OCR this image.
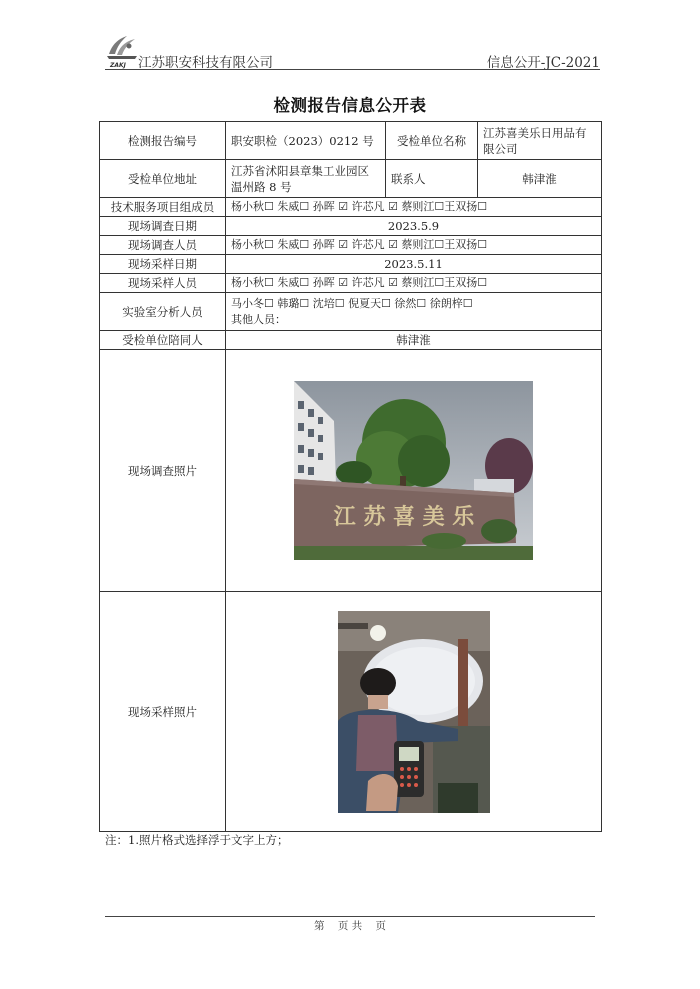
ZAKJ 江苏职安科技有限公司	信息公开-JC-2021
检测报告信息公开表
检测报告编号	职安职检（2023）0212 号	受检单位名称	江苏喜美乐日用品有限公司
受检单位地址	江苏省沭阳县章集工业园区温州路 8 号	联系人	韩津淮
技术服务项目组成员	杨小秋☐ 朱威☐ 孙晖 ☑ 许芯凡 ☑ 蔡则江☐王双扬☐		
现场调查日期	2023.5.9		
现场调查人员	杨小秋☐ 朱威☐ 孙晖 ☑ 许芯凡 ☑ 蔡则江☐王双扬☐		
现场采样日期	2023.5.11		
现场采样人员	杨小秋☐ 朱威☐ 孙晖 ☑ 许芯凡 ☑ 蔡则江☐王双扬☐		
实验室分析人员	马小冬☐ 韩璐☐ 沈培☐ 倪夏天☐ 徐然☐ 徐朗梓☐
其他人员：		

受检单位陪同人	韩津淮		
现场调查照片	江 苏 喜 美 乐		

现场采样照片	
注：1.照片格式选择浮于文字上方；
第    页 共    页
